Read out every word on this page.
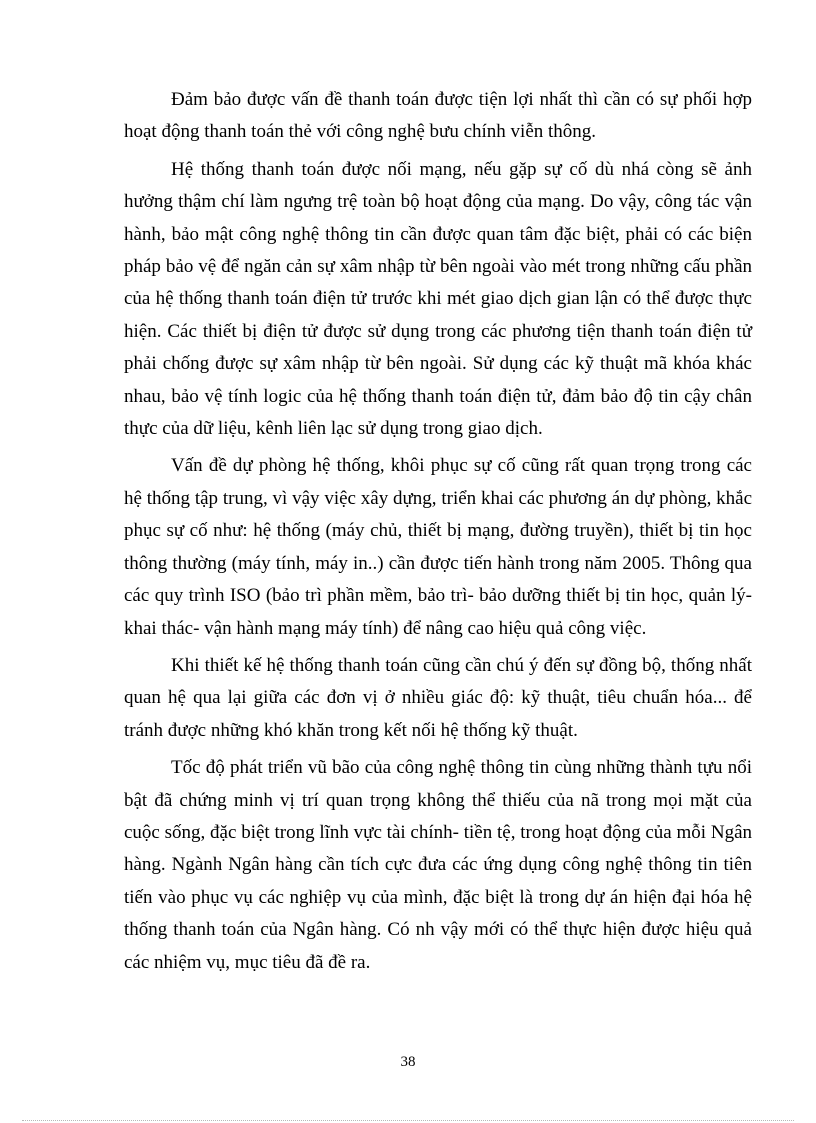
Đảm bảo được vấn đề thanh toán được tiện lợi nhất thì cần có sự phối hợp hoạt động thanh toán thẻ với công nghệ bưu chính viễn thông.

Hệ thống thanh toán được nối mạng, nếu gặp sự cố dù nhá còng sẽ ảnh hưởng thậm chí làm ngưng trệ toàn bộ hoạt động của mạng. Do vậy, công tác vận hành, bảo mật công nghệ thông tin cần được quan tâm đặc biệt, phải có các biện pháp bảo vệ để ngăn cản sự xâm nhập từ bên ngoài vào mét trong những cấu phần của hệ thống thanh toán điện tử trước khi mét giao dịch gian lận có thể được thực hiện. Các thiết bị điện tử được sử dụng trong các phương tiện thanh toán điện tử phải chống được sự xâm nhập từ bên ngoài. Sử dụng các kỹ thuật mã khóa khác nhau, bảo vệ tính logic của hệ thống thanh toán điện tử, đảm bảo độ tin cậy chân thực của dữ liệu, kênh liên lạc sử dụng trong giao dịch.

Vấn đề dự phòng hệ thống, khôi phục sự cố cũng rất quan trọng trong các hệ thống tập trung, vì vậy việc xây dựng, triển khai các phương án dự phòng, khắc phục sự cố như: hệ thống (máy chủ, thiết bị mạng, đường truyền), thiết bị tin học thông thường (máy tính, máy in..) cần được tiến hành trong năm 2005. Thông qua các quy trình ISO (bảo trì phần mềm, bảo trì- bảo dưỡng thiết bị tin học, quản lý- khai thác- vận hành mạng máy tính) để nâng cao hiệu quả công việc.

Khi thiết kế hệ thống thanh toán cũng cần chú ý đến sự đồng bộ, thống nhất quan hệ qua lại giữa các đơn vị ở nhiều giác độ: kỹ thuật, tiêu chuẩn hóa... để tránh được những khó khăn trong kết nối hệ thống kỹ thuật.

Tốc độ phát triển vũ bão của công nghệ thông tin cùng những thành tựu nổi bật đã chứng minh vị trí quan trọng không thể thiếu của nã trong mọi mặt của cuộc sống, đặc biệt trong lĩnh vực tài chính- tiền tệ, trong hoạt động của mỗi Ngân hàng. Ngành Ngân hàng cần tích cực đưa các ứng dụng công nghệ thông tin tiên tiến vào phục vụ các nghiệp vụ của mình, đặc biệt là trong dự án hiện đại hóa hệ thống thanh toán của Ngân hàng. Có nh vậy mới có thể thực hiện được hiệu quả các nhiệm vụ, mục tiêu đã đề ra.

38
